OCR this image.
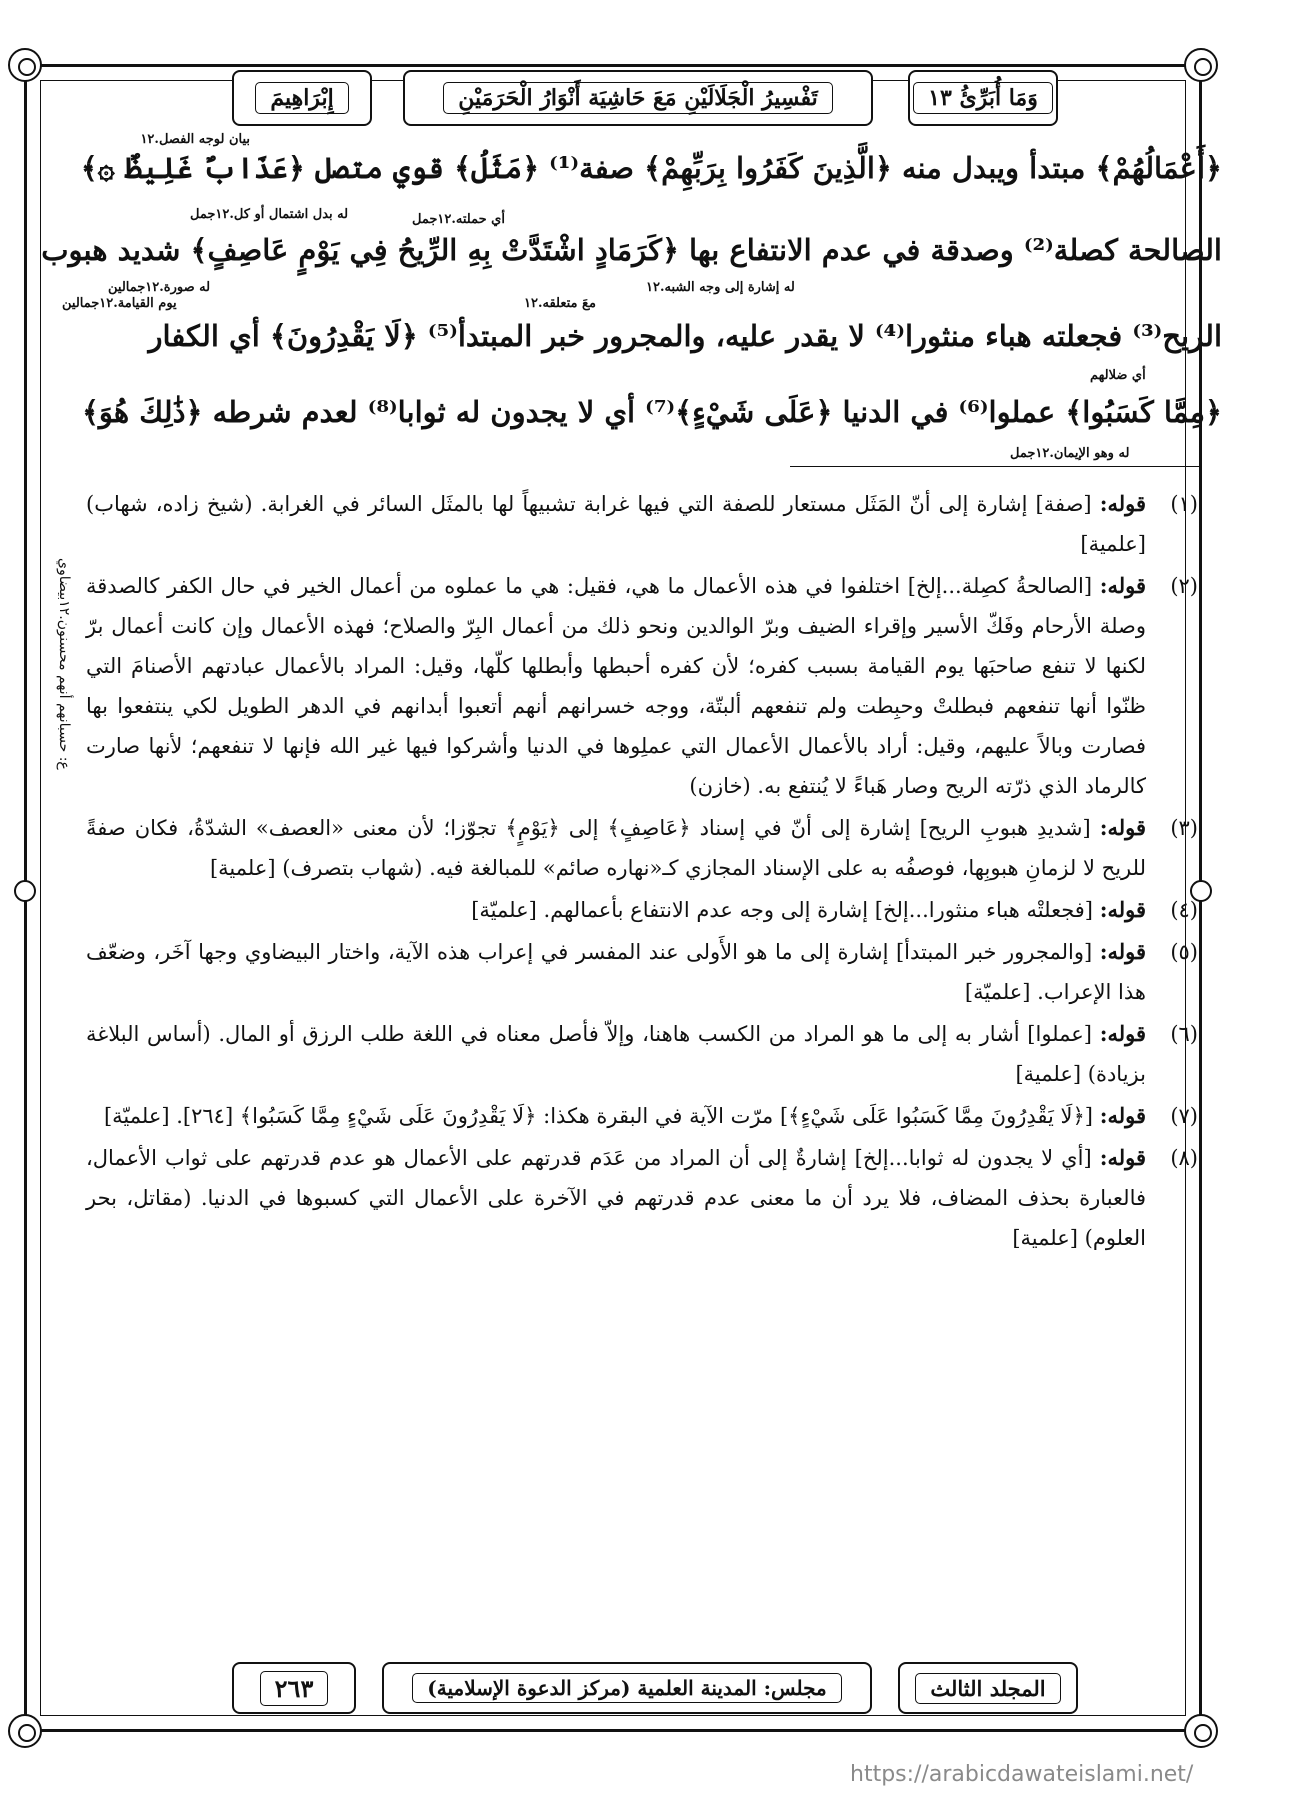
وَمَا أُبَرِّئُ ۱۳
تَفْسِيرُ الْجَلَالَيْنِ مَعَ حَاشِيَة أَنْوَارُ الْحَرَمَيْنِ
إِبْرَاهِيمَ
بيان لوجه الفصل.١٢
﴿أَعْمَالُهُمْ﴾ مبتدأ ويبدل منه ﴿الَّذِينَ كَفَرُوا بِرَبِّهِمْ﴾ صفة⁽¹⁾ ﴿مَثَلُ﴾ قوي متصل ﴿عَذَابٌ غَلِيظٌ ۞﴾
له بدل اشتمال أو كل.١٢جمل	أي حملته.١٢جمل
الصالحة كصلة⁽²⁾ وصدقة في عدم الانتفاع بها ﴿كَرَمَادٍ اشْتَدَّتْ بِهِ الرِّيحُ فِي يَوْمٍ عَاصِفٍ﴾ شديد هبوب
له صورة.١٢جمالين	له إشارة إلى وجه الشبه.١٢
يوم القيامة.١٢جمالين	معَ متعلقه.١٢
الريح⁽³⁾ فجعلته هباء منثورا⁽⁴⁾ لا يقدر عليه، والمجرور خبر المبتدأ⁽⁵⁾ ﴿لَا يَقْدِرُونَ﴾ أي الكفار
أي ضلالهم
﴿مِمَّا كَسَبُوا﴾ عملوا⁽⁶⁾ في الدنيا ﴿عَلَى شَيْءٍ﴾⁽⁷⁾ أي لا يجدون له ثوابا⁽⁸⁾ لعدم شرطه ﴿ذَٰلِكَ هُوَ﴾
له وهو الإيمان.١٢جمل
ع: حسبانهم أنهم محسنون.١٢بيضاوي
(١)
قوله: [صفة] إشارة إلى أنّ المَثَل مستعار للصفة التي فيها غرابة تشبيهاً لها بالمثَل السائر في الغرابة. (شيخ زاده، شهاب) [علمية]
(٢)
قوله: [الصالحةُ كصِلة...إلخ] اختلفوا في هذه الأعمال ما هي، فقيل: هي ما عملوه من أعمال الخير في حال الكفر كالصدقة وصلة الأرحام وفَكّ الأسير وإقراء الضيف وبرّ الوالدين ونحو ذلك من أعمال البِرّ والصلاح؛ فهذه الأعمال وإن كانت أعمال برّ لكنها لا تنفع صاحبَها يوم القيامة بسبب كفره؛ لأن كفره أحبطها وأبطلها كلّها، وقيل: المراد بالأعمال عبادتهم الأصنامَ التي ظنّوا أنها تنفعهم فبطلتْ وحبِطت ولم تنفعهم ألبتّة، ووجه خسرانهم أنهم أتعبوا أبدانهم في الدهر الطويل لكي ينتفعوا بها فصارت وبالاً عليهم، وقيل: أراد بالأعمال الأعمال التي عملِوها في الدنيا وأشركوا فيها غير الله فإنها لا تنفعهم؛ لأنها صارت كالرماد الذي ذرّته الريح وصار هَباءً لا يُنتفع به. (خازن)
(٣)
قوله: [شديدِ هبوبِ الريح] إشارة إلى أنّ في إسناد ﴿عَاصِفٍ﴾ إلى ﴿يَوْمٍ﴾ تجوّزا؛ لأن معنى «العصف» الشدّةُ، فكان صفةً للريح لا لزمانِ هبوبِها، فوصفُه به على الإسناد المجازي كـ«نهاره صائم» للمبالغة فيه. (شهاب بتصرف) [علمية]
(٤)
قوله: [فجعلتْه هباء منثورا...إلخ] إشارة إلى وجه عدم الانتفاع بأعمالهم. [علميّة]
(٥)
قوله: [والمجرور خبر المبتدأ] إشارة إلى ما هو الأَولى عند المفسر في إعراب هذه الآية، واختار البيضاوي وجها آخَر، وضعّف هذا الإعراب. [علميّة]
(٦)
قوله: [عملوا] أشار به إلى ما هو المراد من الكسب هاهنا، وإلاّ فأصل معناه في اللغة طلب الرزق أو المال. (أساس البلاغة بزيادة) [علمية]
(٧)
قوله: [﴿لَا يَقْدِرُونَ مِمَّا كَسَبُوا عَلَى شَيْءٍ﴾] مرّت الآية في البقرة هكذا: ﴿لَا يَقْدِرُونَ عَلَى شَيْءٍ مِمَّا كَسَبُوا﴾ [٢٦٤]. [علميّة]
(٨)
قوله: [أي لا يجدون له ثوابا...إلخ] إشارةٌ إلى أن المراد من عَدَم قدرتهم على الأعمال هو عدم قدرتهم على ثواب الأعمال، فالعبارة بحذف المضاف، فلا يرد أن ما معنى عدم قدرتهم في الآخرة على الأعمال التي كسبوها في الدنيا. (مقاتل، بحر العلوم) [علمية]
المجلد الثالث
مجلس: المدينة العلمية (مركز الدعوة الإسلامية)
٢٦٣
https://arabicdawateislami.net/
